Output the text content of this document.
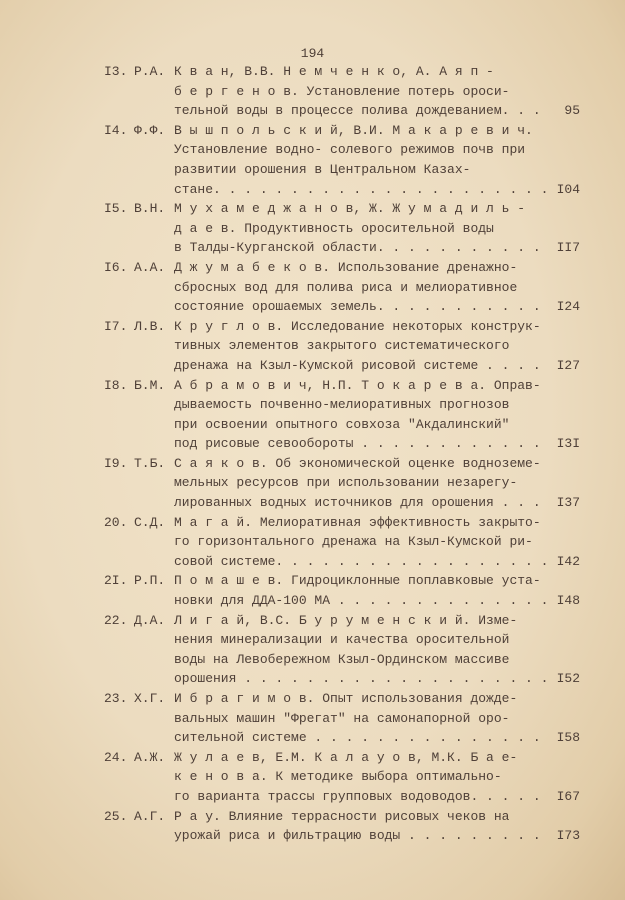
194
I3. Р.А. К в а н, В.В. Н е м ч е н к о, А. А я п -
б е р г е н о в. Установление потерь ороси-
тельной воды в процессе полива дождеванием. . . 95
I4. Ф.Ф. В ы ш п о л ь с к и й, В.И. М а к а р е в и ч.
Установление водно- солевого режимов почв при
развитии орошения в Центральном Казах-
стане. . . . . . . . . . . . . . . . . . . . . . I04
I5. В.Н. М у х а м е д ж а н о в, Ж. Ж у м а д и л ь -
д а е в. Продуктивность оросительной воды
в Талды-Курганской области. . . . . . . . . . . II7
I6. А.А. Д ж у м а б е к о в. Использование дренажно-
сбросных вод для полива риса и мелиоративное
состояние орошаемых земель. . . . . . . . . . . I24
I7. Л.В. К р у г л о в. Исследование некоторых конструк-
тивных элементов закрытого систематического
дренажа на Кзыл-Кумской рисовой системе . . . . I27
I8. Б.М. А б р а м о в и ч, Н.П. Т о к а р е в а. Оправ-
дываемость почвенно-мелиоративных прогнозов
при освоении опытного совхоза "Акдалинский"
под рисовые севообороты . . . . . . . . . . . . I3I
I9. Т.Б. С а я к о в. Об экономической оценке водноземе-
мельных ресурсов при использовании незарегу-
лированных водных источников для орошения . . . I37
20. С.Д. М а г а й. Мелиоративная эффективность закрыто-
го горизонтального дренажа на Кзыл-Кумской ри-
совой системе. . . . . . . . . . . . . . . . . . I42
2I. Р.П. П о м а ш е в. Гидроциклонные поплавковые уста-
новки для ДДА-100 МА . . . . . . . . . . . . . . I48
22. Д.А. Л и г а й, В.С. Б у р у м е н с к и й. Изме-
нения минерализации и качества оросительной
воды на Левобережном Кзыл-Ординском массиве
орошения . . . . . . . . . . . . . . . . . . . . I52
23. Х.Г. И б р а г и м о в. Опыт использования дожде-
вальных машин "Фрегат" на самонапорной оро-
сительной системе . . . . . . . . . . . . . . . I58
24. А.Ж. Ж у л а е в, Е.М. К а л а у о в, М.К. Б а е-
к е н о в а. К методике выбора оптимально-
го варианта трассы групповых водоводов. . . . . I67
25. А.Г. Р а у. Влияние террасности рисовых чеков на
урожай риса и фильтрацию воды . . . . . . . . . I73
